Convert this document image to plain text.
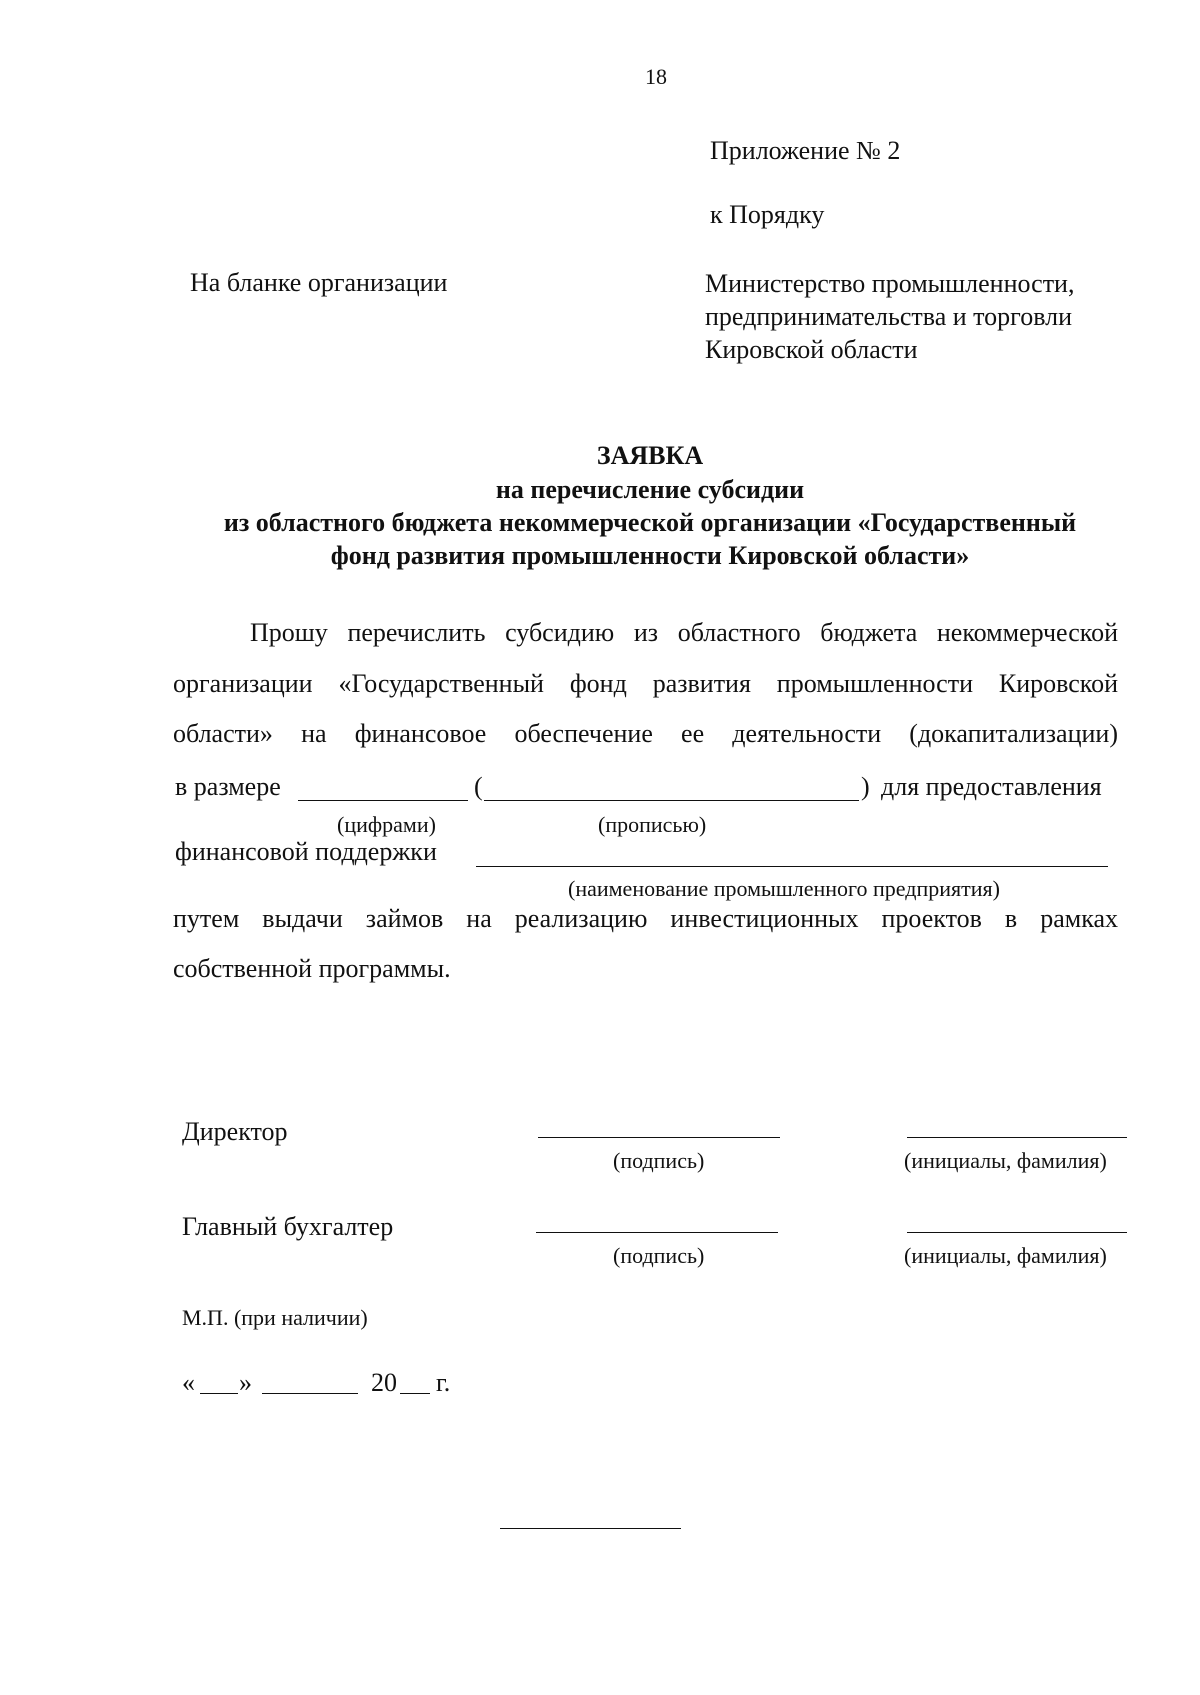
18
Приложение № 2
к Порядку
На бланке организации	Министерство промышленности,
предпринимательства и торговли
Кировской области
ЗАЯВКА
на перечисление субсидии
из областного бюджета некоммерческой организации «Государственный
фонд развития промышленности Кировской области»
Прошу перечислить субсидию из областного бюджета некоммерческой
организации «Государственный фонд развития промышленности Кировской
области» на финансовое обеспечение ее деятельности (докапитализации)
в размере	(	) для предоставления
(цифрами)	(прописью)
финансовой поддержки
(наименование промышленного предприятия)
путем выдачи займов на реализацию инвестиционных проектов в рамках
собственной программы.
Директор
(подпись)	(инициалы, фамилия)
Главный бухгалтер
(подпись)	(инициалы, фамилия)
М.П. (при наличии)
« »	20 г.
